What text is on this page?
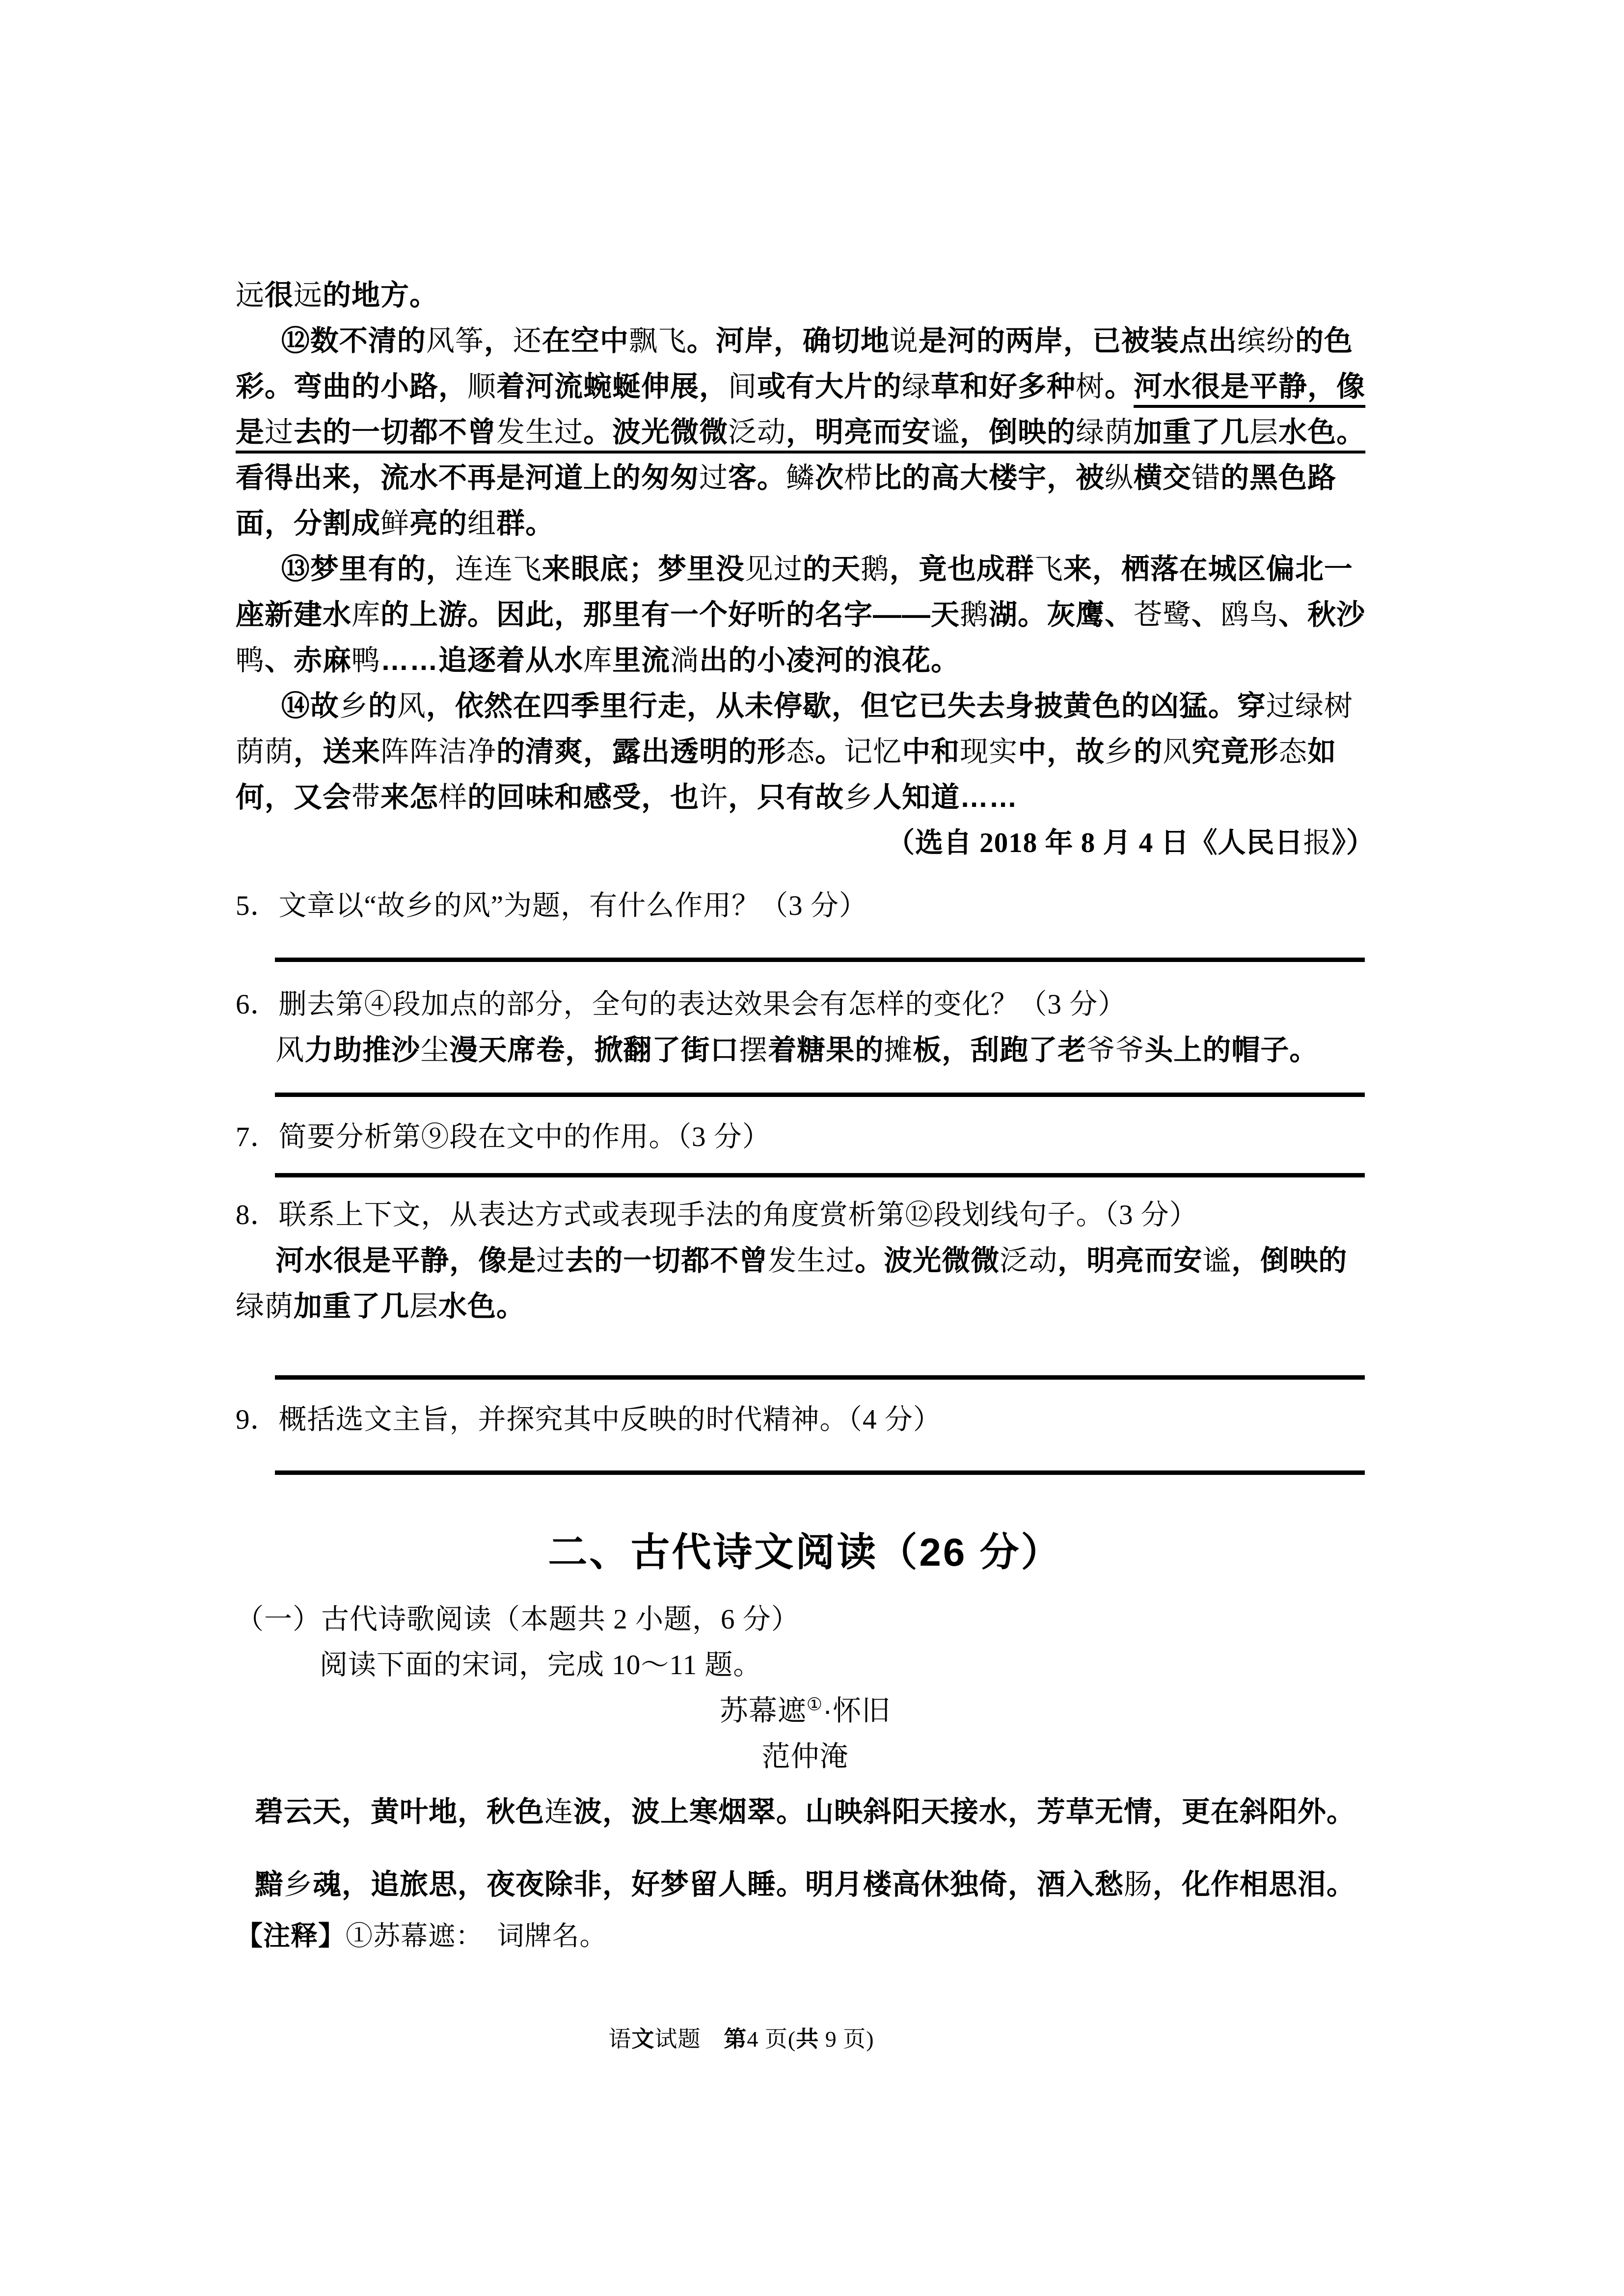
远很远的地方。

⑫数不清的风筝，还在空中飘飞。河岸，确切地说是河的两岸，已被装点出缤纷的色彩。弯曲的小路，顺着河流蜿蜒伸展，间或有大片的绿草和好多种树。河水很是平静，像是过去的一切都不曾发生过。波光微微泛动，明亮而安谧，倒映的绿荫加重了几层水色。看得出来，流水不再是河道上的匆匆过客。鳞次栉比的高大楼宇，被纵横交错的黑色路面，分割成鲜亮的组群。

⑬梦里有的，连连飞来眼底；梦里没见过的天鹅，竟也成群飞来，栖落在城区偏北一座新建水库的上游。因此，那里有一个好听的名字——天鹅湖。灰鹰、苍鹭、鸥鸟、秋沙鸭、赤麻鸭……追逐着从水库里流淌出的小凌河的浪花。

⑭故乡的风，依然在四季里行走，从未停歇，但它已失去身披黄色的凶猛。穿过绿树荫荫，送来阵阵洁净的清爽，露出透明的形态。记忆中和现实中，故乡的风究竟形态如何，又会带来怎样的回味和感受，也许，只有故乡人知道……

（选自 2018 年 8 月 4 日《人民日报》）

5．文章以“故乡的风”为题，有什么作用？（3 分）

6．删去第④段加点的部分，全句的表达效果会有怎样的变化？（3 分）

风力助推沙尘漫天席卷，掀翻了街口摆着糖果的摊板，刮跑了老爷爷头上的帽子。

7．简要分析第⑨段在文中的作用。（3 分）

8．联系上下文，从表达方式或表现手法的角度赏析第⑫段划线句子。（3 分）

河水很是平静，像是过去的一切都不曾发生过。波光微微泛动，明亮而安谧，倒映的绿荫加重了几层水色。

9．概括选文主旨，并探究其中反映的时代精神。（4 分）

二、古代诗文阅读（26 分）

（一）古代诗歌阅读（本题共 2 小题，6 分）

阅读下面的宋词，完成 10～11 题。

苏幕遮①·怀旧

范仲淹

碧云天，黄叶地，秋色连波，波上寒烟翠。山映斜阳天接水，芳草无情，更在斜阳外。

黯乡魂，追旅思，夜夜除非，好梦留人睡。明月楼高休独倚，酒入愁肠，化作相思泪。

【注释】①苏幕遮：　词牌名。

语文试题　第4 页(共 9 页)
